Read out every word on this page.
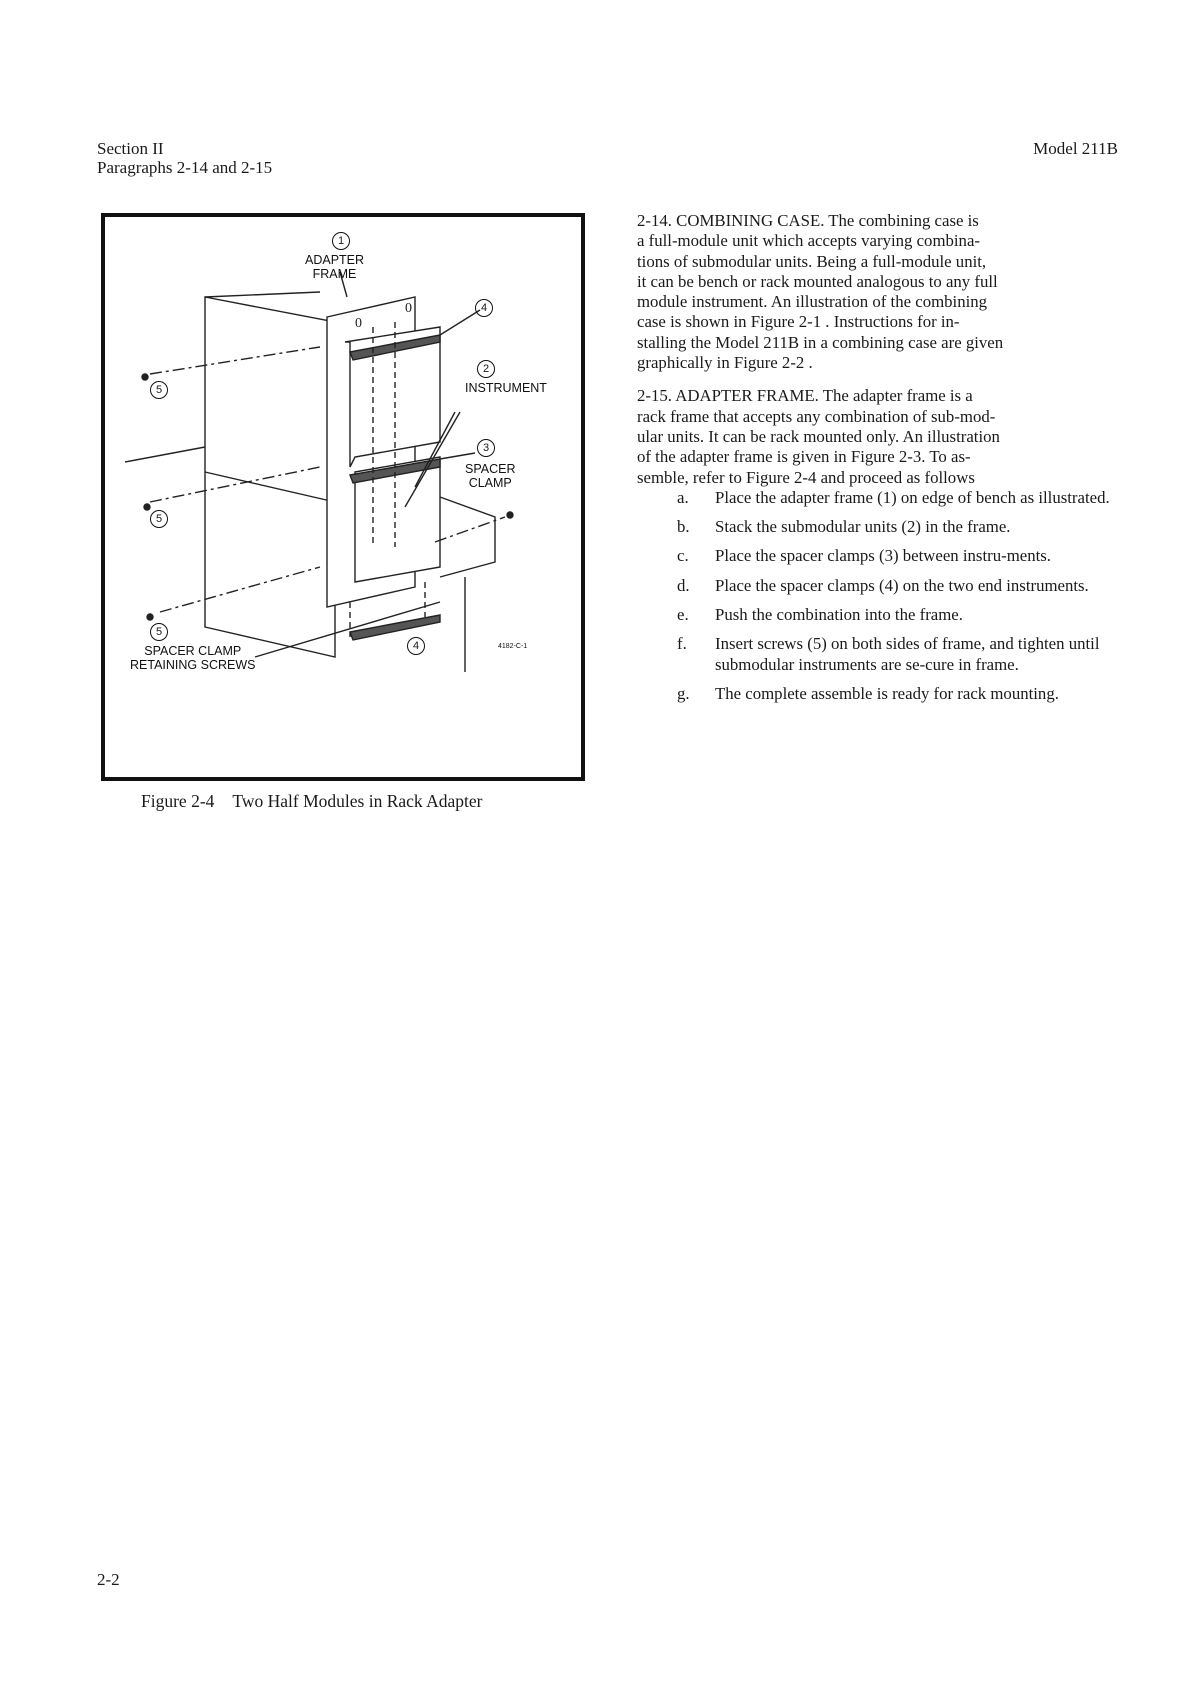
Section II
Paragraphs 2-14 and 2-15
Model 211B
0
0
1
ADAPTER
FRAME
4
2
INSTRUMENT
3
SPACER
CLAMP
4	4182-C-1
5
5
5
SPACER CLAMP
RETAINING SCREWS
Figure 2-4 Two Half Modules in Rack Adapter

2-14. COMBINING CASE. The combining case is
a full-module unit which accepts varying combina-
tions of submodular units. Being a full-module unit,
it can be bench or rack mounted analogous to any full
module instrument. An illustration of the combining
case is shown in Figure 2-1 . Instructions for in-
stalling the Model 211B in a combining case are given
graphically in Figure 2-2 .

2-15. ADAPTER FRAME. The adapter frame is a
rack frame that accepts any combination of sub-mod-
ular units. It can be rack mounted only. An illustration
of the adapter frame is given in Figure 2-3. To as-
semble, refer to Figure 2-4 and proceed as follows

a.	Place the adapter frame (1) on edge of bench as illustrated.
b.	Stack the submodular units (2) in the frame.
c.	Place the spacer clamps (3) between instru-ments.
d.	Place the spacer clamps (4) on the two end instruments.
e.	Push the combination into the frame.
f.	Insert screws (5) on both sides of frame, and tighten until submodular instruments are se-cure in frame.
g.	The complete assemble is ready for rack mounting.
2-2
